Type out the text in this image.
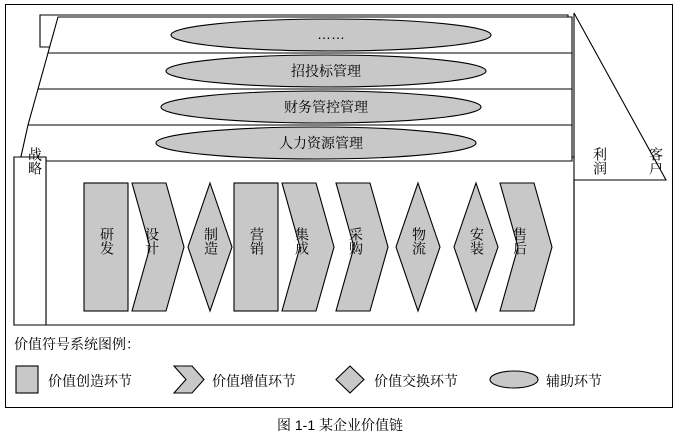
战略	利润	客户
……
招投标管理
财务管控管理
人力资源管理
研发 设计	制造 营销 集成	采购	物流	安装 售后
价值符号系统图例：
价值创造环节	价值增值环节	价值交换环节	辅助环节
图 1-1 某企业价值链
